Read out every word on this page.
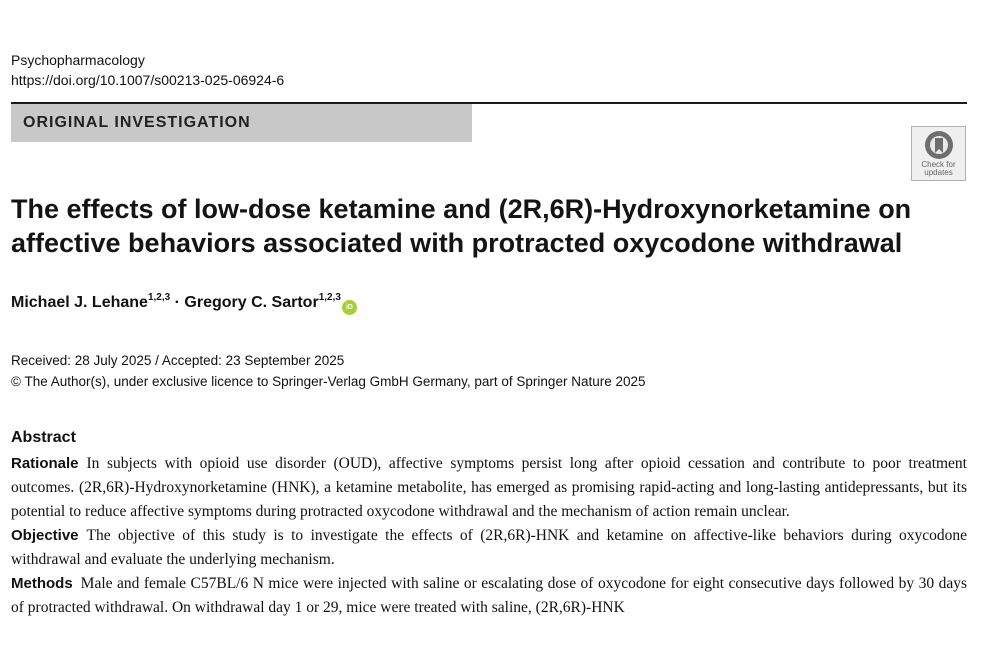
Psychopharmacology
https://doi.org/10.1007/s00213-025-06924-6
ORIGINAL INVESTIGATION
Check for updates
The effects of low-dose ketamine and (2R,6R)-Hydroxynorketamine on affective behaviors associated with protracted oxycodone withdrawal
Michael J. Lehane$^{1,2,3}$ · Gregory C. Sartor$^{1,2,3}$iD
Received: 28 July 2025 / Accepted: 23 September 2025
© The Author(s), under exclusive licence to Springer-Verlag GmbH Germany, part of Springer Nature 2025
Abstract

Rationale In subjects with opioid use disorder (OUD), affective symptoms persist long after opioid cessation and contribute to poor treatment outcomes. (2R,6R)-Hydroxynorketamine (HNK), a ketamine metabolite, has emerged as promising rapid-acting and long-lasting antidepressants, but its potential to reduce affective symptoms during protracted oxycodone withdrawal and the mechanism of action remain unclear.

Objective The objective of this study is to investigate the effects of (2R,6R)-HNK and ketamine on affective-like behaviors during oxycodone withdrawal and evaluate the underlying mechanism.

Methods Male and female C57BL/6 N mice were injected with saline or escalating dose of oxycodone for eight consecutive days followed by 30 days of protracted withdrawal. On withdrawal day 1 or 29, mice were treated with saline, (2R,6R)-HNK
